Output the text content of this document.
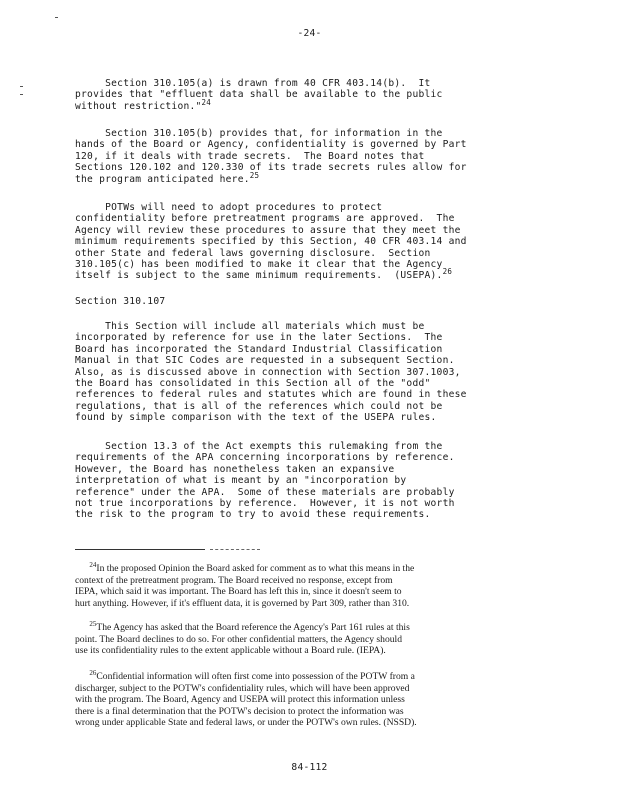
-24-
Section 310.105(a) is drawn from 40 CFR 403.14(b).  It
provides that "effluent data shall be available to the public
without restriction."$^{24}$
Section 310.105(b) provides that, for information in the
hands of the Board or Agency, confidentiality is governed by Part
120, if it deals with trade secrets.  The Board notes that
Sections 120.102 and 120.330 of its trade secrets rules allow for
the program anticipated here.$^{25}$
POTWs will need to adopt procedures to protect
confidentiality before pretreatment programs are approved.  The
Agency will review these procedures to assure that they meet the
minimum requirements specified by this Section, 40 CFR 403.14 and
other State and federal laws governing disclosure.  Section
310.105(c) has been modified to make it clear that the Agency
itself is subject to the same minimum requirements.  (USEPA).$^{26}$
Section 310.107
This Section will include all materials which must be
incorporated by reference for use in the later Sections.  The
Board has incorporated the Standard Industrial Classification
Manual in that SIC Codes are requested in a subsequent Section.
Also, as is discussed above in connection with Section 307.1003,
the Board has consolidated in this Section all of the "odd"
references to federal rules and statutes which are found in these
regulations, that is all of the references which could not be
found by simple comparison with the text of the USEPA rules.
Section 13.3 of the Act exempts this rulemaking from the
requirements of the APA concerning incorporations by reference.
However, the Board has nonetheless taken an expansive
interpretation of what is meant by an "incorporation by
reference" under the APA.  Some of these materials are probably
not true incorporations by reference.  However, it is not worth
the risk to the program to try to avoid these requirements.
$^{24}$In the proposed Opinion the Board asked for comment as to what this means in the
context of the pretreatment program. The Board received no response, except from
IEPA, which said it was important. The Board has left this in, since it doesn't seem to
hurt anything. However, if it's effluent data, it is governed by Part 309, rather than 310.
$^{25}$The Agency has asked that the Board reference the Agency's Part 161 rules at this
point. The Board declines to do so. For other confidential matters, the Agency should
use its confidentiality rules to the extent applicable without a Board rule. (IEPA).
$^{26}$Confidential information will often first come into possession of the POTW from a
discharger, subject to the POTW's confidentiality rules, which will have been approved
with the program. The Board, Agency and USEPA will protect this information unless
there is a final determination that the POTW's decision to protect the information was
wrong under applicable State and federal laws, or under the POTW's own rules. (NSSD).
84-112
